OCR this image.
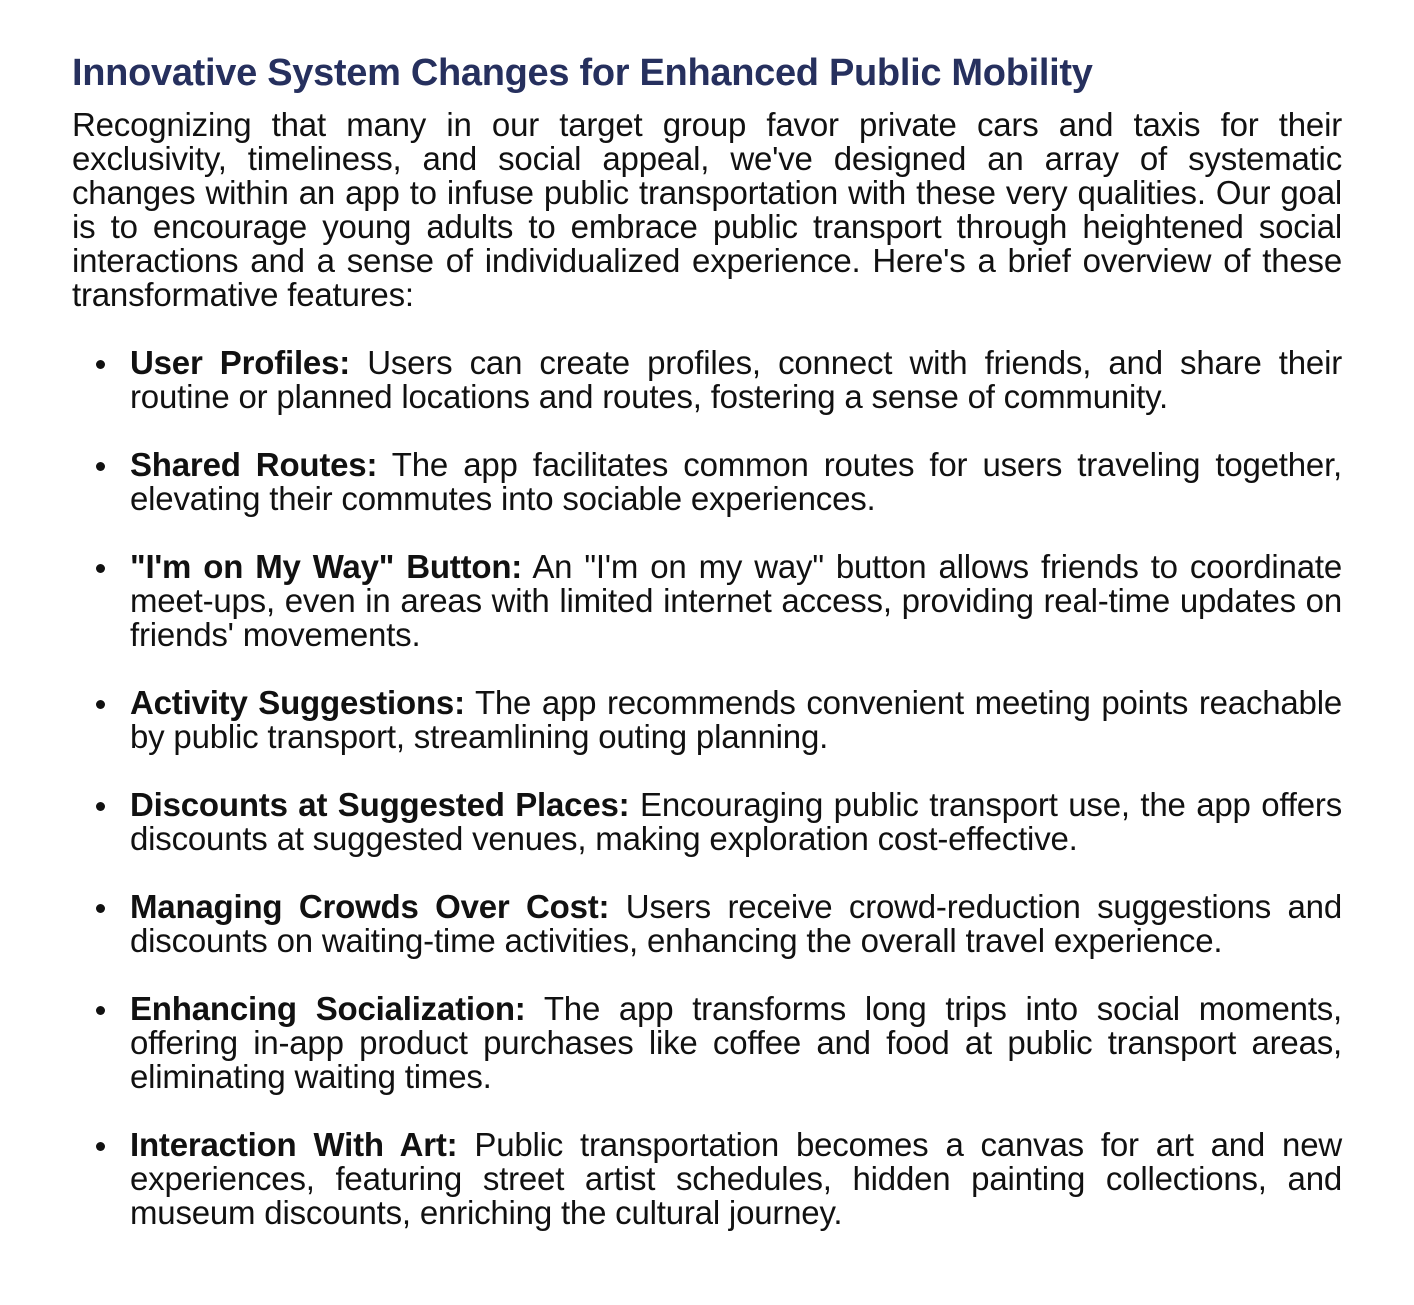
Innovative System Changes for Enhanced Public Mobility

Recognizing that many in our target group favor private cars and taxis for their exclusivity, timeliness, and social appeal, we've designed an array of systematic changes within an app to infuse public transportation with these very qualities. Our goal is to encourage young adults to embrace public transport through heightened social interactions and a sense of individualized experience. Here's a brief overview of these transformative features:

User Profiles: Users can create profiles, connect with friends, and share their routine or planned locations and routes, fostering a sense of community.
Shared Routes: The app facilitates common routes for users traveling together, elevating their commutes into sociable experiences.
"I'm on My Way" Button: An "I'm on my way" button allows friends to coordinate meet-ups, even in areas with limited internet access, providing real-time updates on friends' movements.
Activity Suggestions: The app recommends convenient meeting points reachable by public transport, streamlining outing planning.
Discounts at Suggested Places: Encouraging public transport use, the app offers discounts at suggested venues, making exploration cost-effective.
Managing Crowds Over Cost: Users receive crowd-reduction suggestions and discounts on waiting-time activities, enhancing the overall travel experience.
Enhancing Socialization: The app transforms long trips into social moments, offering in-app product purchases like coffee and food at public transport areas, eliminating waiting times.
Interaction With Art: Public transportation becomes a canvas for art and new experiences, featuring street artist schedules, hidden painting collections, and museum discounts, enriching the cultural journey.
